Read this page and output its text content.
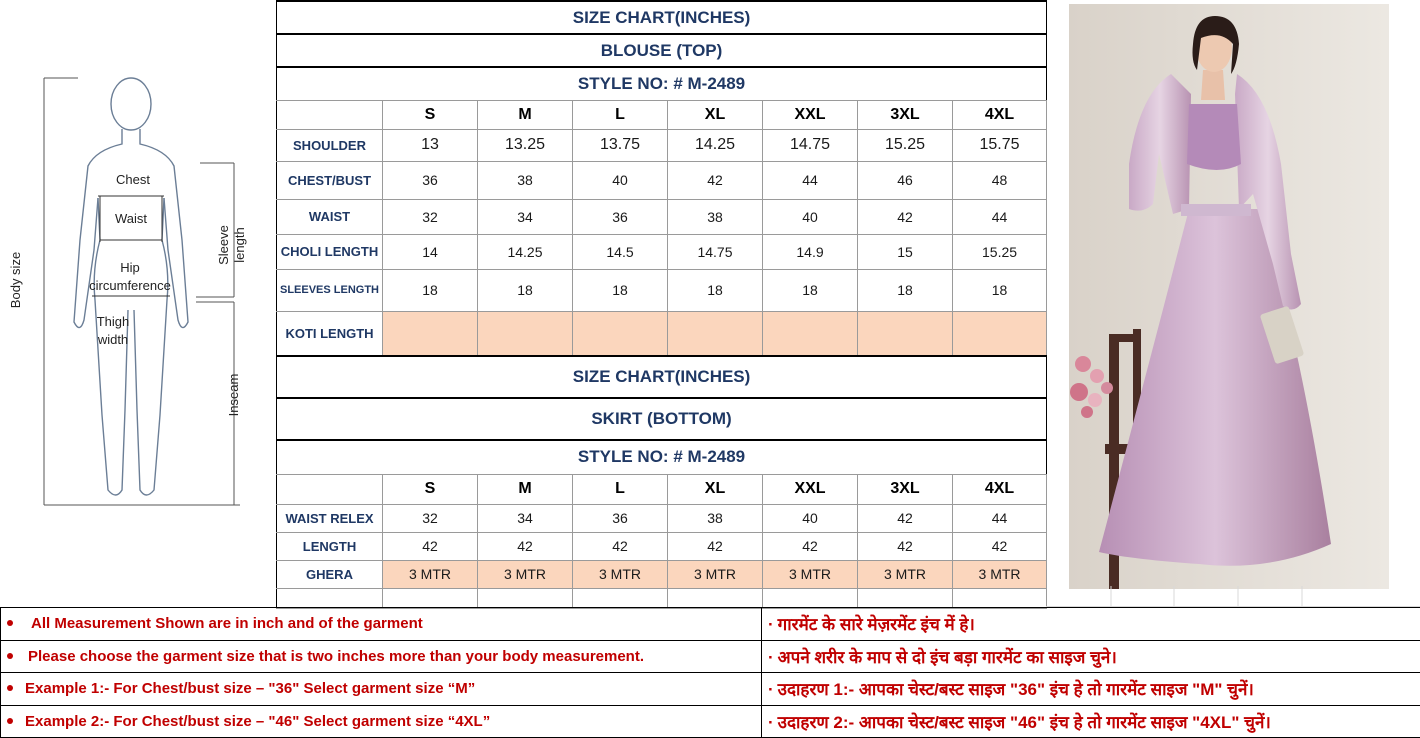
Chest
Waist
Hip
circumference
Thigh
width
Body size
Sleeve length
Inseam
SIZE CHART(INCHES)							
BLOUSE (TOP)							
STYLE NO: # M-2489							
	S	M	L	XL	XXL	3XL	4XL
SHOULDER	13	13.25	13.75	14.25	14.75	15.25	15.75
CHEST/BUST	36	38	40	42	44	46	48
WAIST	32	34	36	38	40	42	44
CHOLI LENGTH	14	14.25	14.5	14.75	14.9	15	15.25
SLEEVES LENGTH	18	18	18	18	18	18	18
KOTI LENGTH							
SIZE CHART(INCHES)							
SKIRT (BOTTOM)							
STYLE NO: # M-2489							
	S	M	L	XL	XXL	3XL	4XL
WAIST RELEX	32	34	36	38	40	42	44
LENGTH	42	42	42	42	42	42	42
GHERA	3 MTR	3 MTR	3 MTR	3 MTR	3 MTR	3 MTR	3 MTR

All Measurement Shown are in inch and of the garment	· गारमेंट के सारे मेज़रमेंट इंच में हे।
Please choose the garment size that is two inches more than your body measurement.	· अपने शरीर के माप से दो इंच बड़ा गारमेंट का साइज चुने।
Example 1:- For Chest/bust size – "36" Select garment size “M”	· उदाहरण 1:- आपका चेस्ट/बस्ट साइज "36" इंच हे तो गारमेंट साइज "M" चुनें।
Example 2:- For Chest/bust size – "46" Select garment size “4XL”	· उदाहरण 2:- आपका चेस्ट/बस्ट साइज "46" इंच हे तो गारमेंट साइज "4XL" चुनें।
